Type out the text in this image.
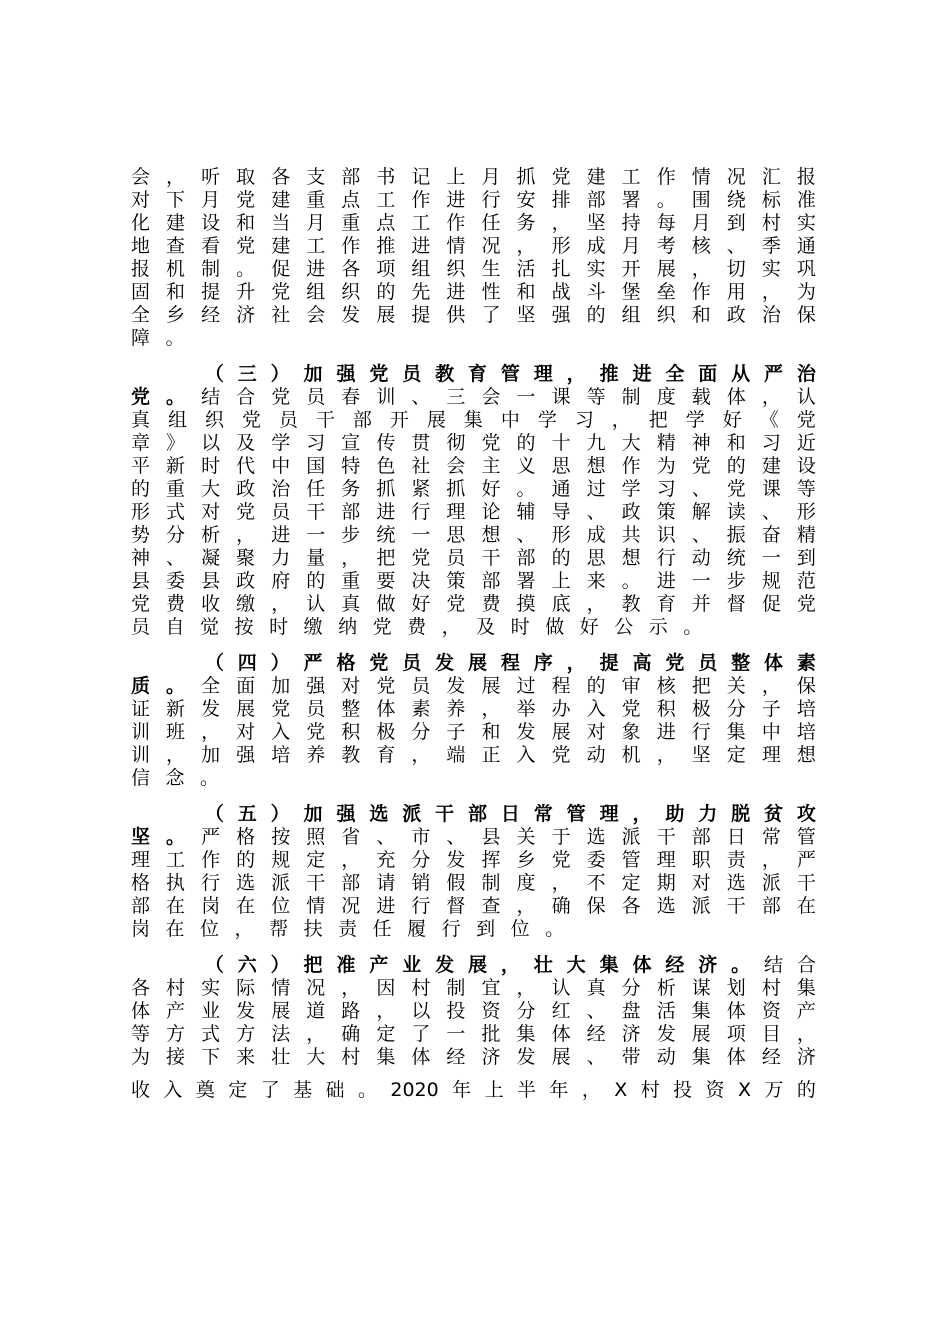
会 ， 听 取 各 支 部 书 记 上 月 抓 党 建 工 作 情 况 汇 报
对 下 月 党 建 重 点 工 作 进 行 安 排 部 署 。 围 绕 标 准
化 建 设 和 当 月 重 点 工 作 任 务 ， 坚 持 每 月 到 村 实
地 查 看 党 建 工 作 推 进 情 况 ， 形 成 月 考 核 、 季 通
报 机 制 。 促 进 各 项 组 织 生 活 扎 实 开 展 ， 切 实 巩
固 和 提 升 党 组 织 的 先 进 性 和 战 斗 堡 垒 作 用 ， 为
全 乡 经 济 社 会 发 展 提 供 了 坚 强 的 组 织 和 政 治 保
障 。
（ 三 ） 加 强 党 员 教 育 管 理 ， 推 进 全 面 从 严 治
党 。 结 合 党 员 春 训 、 三 会 一 课 等 制 度 载 体 ， 认
真 组 织 党 员 干 部 开 展 集 中 学 习 ， 把 学 好 《 党
章 》 以 及 学 习 宣 传 贯 彻 党 的 十 九 大 精 神 和 习 近
平 新 时 代 中 国 特 色 社 会 主 义 思 想 作 为 党 的 建 设
的 重 大 政 治 任 务 抓 紧 抓 好 。 通 过 学 习 、 党 课 等
形 式 对 党 员 干 部 进 行 理 论 辅 导 、 政 策 解 读 、 形
势 分 析 ， 进 一 步 统 一 思 想 、 形 成 共 识 、 振 奋 精
神 、 凝 聚 力 量 ， 把 党 员 干 部 的 思 想 行 动 统 一 到
县 委 县 政 府 的 重 要 决 策 部 署 上 来 。 进 一 步 规 范
党 费 收 缴 ， 认 真 做 好 党 费 摸 底 ， 教 育 并 督 促 党
员 自 觉 按 时 缴 纳 党 费 ， 及 时 做 好 公 示 。
（ 四 ） 严 格 党 员 发 展 程 序 ， 提 高 党 员 整 体 素
质 。 全 面 加 强 对 党 员 发 展 过 程 的 审 核 把 关 ， 保
证 新 发 展 党 员 整 体 素 养 ， 举 办 入 党 积 极 分 子 培
训 班 ， 对 入 党 积 极 分 子 和 发 展 对 象 进 行 集 中 培
训 ， 加 强 培 养 教 育 ， 端 正 入 党 动 机 ， 坚 定 理 想
信 念 。
（ 五 ） 加 强 选 派 干 部 日 常 管 理 ， 助 力 脱 贫 攻
坚 。 严 格 按 照 省 、 市 、 县 关 于 选 派 干 部 日 常 管
理 工 作 的 规 定 ， 充 分 发 挥 乡 党 委 管 理 职 责 ， 严
格 执 行 选 派 干 部 请 销 假 制 度 ， 不 定 期 对 选 派 干
部 在 岗 在 位 情 况 进 行 督 查 ， 确 保 各 选 派 干 部 在
岗 在 位 ， 帮 扶 责 任 履 行 到 位 。
（ 六 ） 把 准 产 业 发 展 ， 壮 大 集 体 经 济 。 结 合
各 村 实 际 情 况 ， 因 村 制 宜 ， 认 真 分 析 谋 划 村 集
体 产 业 发 展 道 路 ， 以 投 资 分 红 、 盘 活 集 体 资 产
等 方 式 方 法 ， 确 定 了 一 批 集 体 经 济 发 展 项 目 ，
为 接 下 来 壮 大 村 集 体 经 济 发 展 、 带 动 集 体 经 济
收 入 奠 定 了 基 础 。 2020 年 上 半 年 ， X 村 投 资 X 万 的
